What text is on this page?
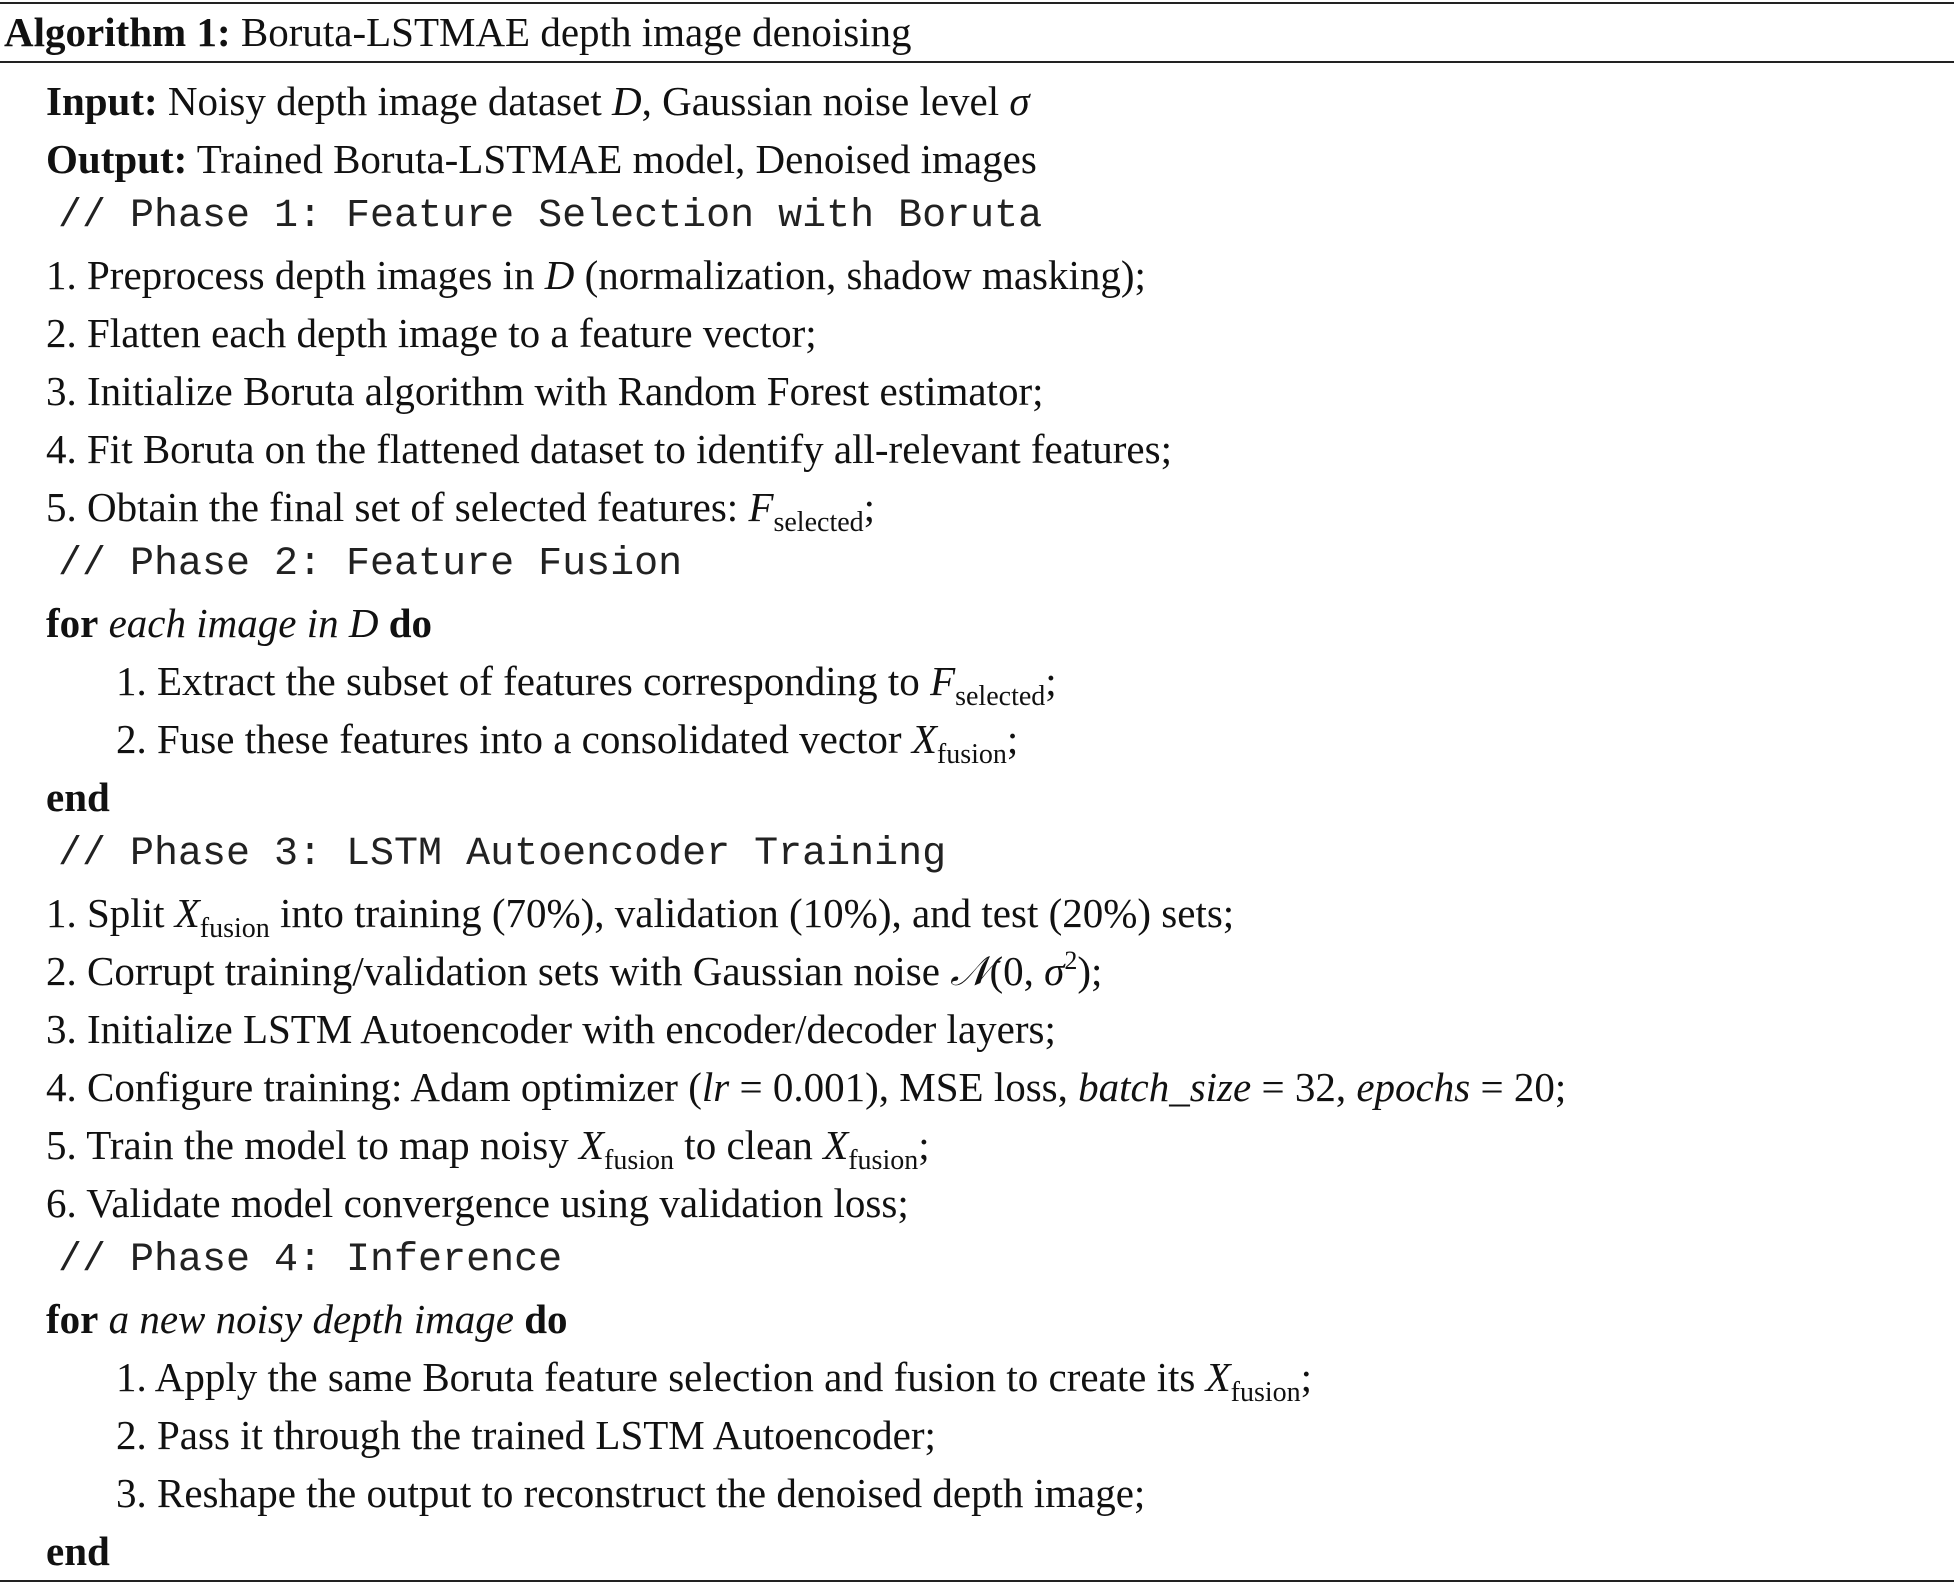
Algorithm 1: Boruta-LSTMAE depth image denoising
Input: Noisy depth image dataset D, Gaussian noise level σ
Output: Trained Boruta-LSTMAE model, Denoised images
// Phase 1: Feature Selection with Boruta
1. Preprocess depth images in D (normalization, shadow masking);
2. Flatten each depth image to a feature vector;
3. Initialize Boruta algorithm with Random Forest estimator;
4. Fit Boruta on the flattened dataset to identify all-relevant features;
5. Obtain the final set of selected features: $F_{selected}$;
// Phase 2: Feature Fusion
for each image in D do
1. Extract the subset of features corresponding to $F_{selected}$;
2. Fuse these features into a consolidated vector $X_{fusion}$;
end
// Phase 3: LSTM Autoencoder Training
1. Split $X_{fusion}$ into training (70%), validation (10%), and test (20%) sets;
2. Corrupt training/validation sets with Gaussian noise 𝒩(0, $\sigma^2$);
3. Initialize LSTM Autoencoder with encoder/decoder layers;
4. Configure training: Adam optimizer (lr = 0.001), MSE loss, batch_size = 32, epochs = 20;
5. Train the model to map noisy $X_{fusion}$ to clean $X_{fusion}$;
6. Validate model convergence using validation loss;
// Phase 4: Inference
for a new noisy depth image do
1. Apply the same Boruta feature selection and fusion to create its $X_{fusion}$;
2. Pass it through the trained LSTM Autoencoder;
3. Reshape the output to reconstruct the denoised depth image;
end
